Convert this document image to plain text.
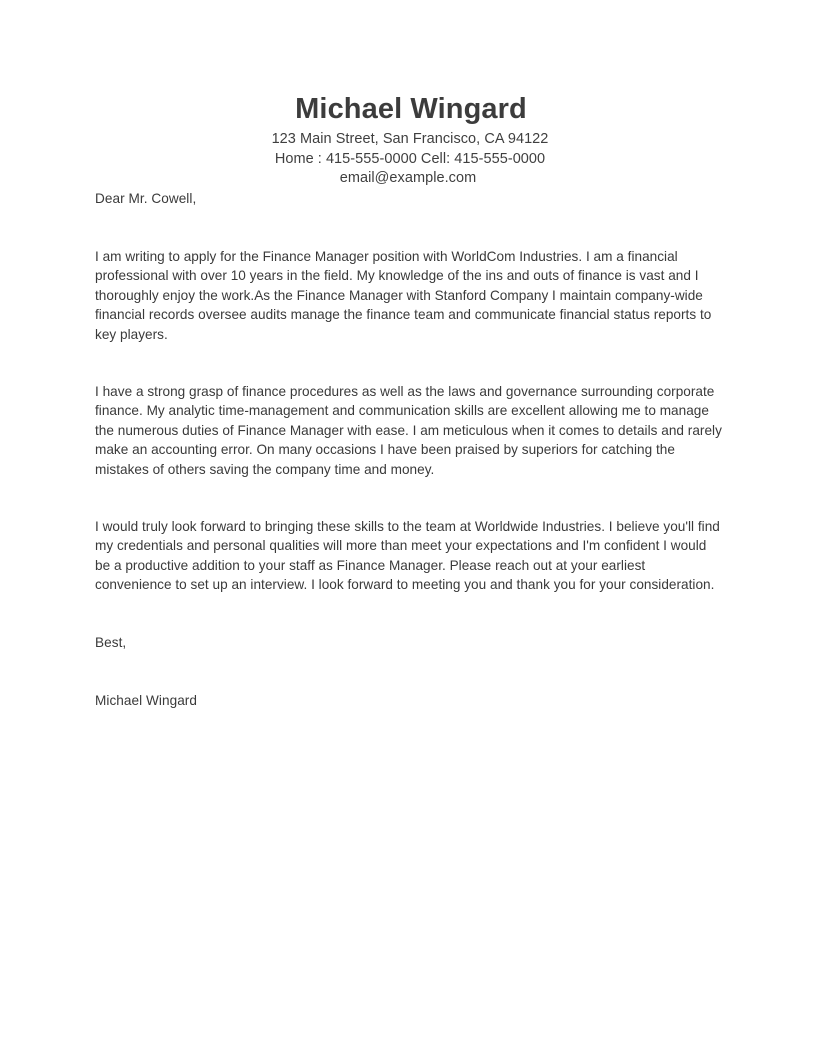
Michael Wingard

123 Main Street, San Francisco, CA 94122

Home : 415-555-0000 Cell: 415-555-0000

email@example.com

Dear Mr. Cowell,

I am writing to apply for the Finance Manager position with WorldCom Industries. I am a financial professional with over 10 years in the field. My knowledge of the ins and outs of finance is vast and I thoroughly enjoy the work.As the Finance Manager with Stanford Company I maintain company-wide financial records oversee audits manage the finance team and communicate financial status reports to key players.

I have a strong grasp of finance procedures as well as the laws and governance surrounding corporate finance. My analytic time-management and communication skills are excellent allowing me to manage the numerous duties of Finance Manager with ease. I am meticulous when it comes to details and rarely make an accounting error. On many occasions I have been praised by superiors for catching the mistakes of others saving the company time and money.

I would truly look forward to bringing these skills to the team at Worldwide Industries. I believe you'll find my credentials and personal qualities will more than meet your expectations and I'm confident I would be a productive addition to your staff as Finance Manager. Please reach out at your earliest convenience to set up an interview. I look forward to meeting you and thank you for your consideration.

Best,

Michael Wingard
